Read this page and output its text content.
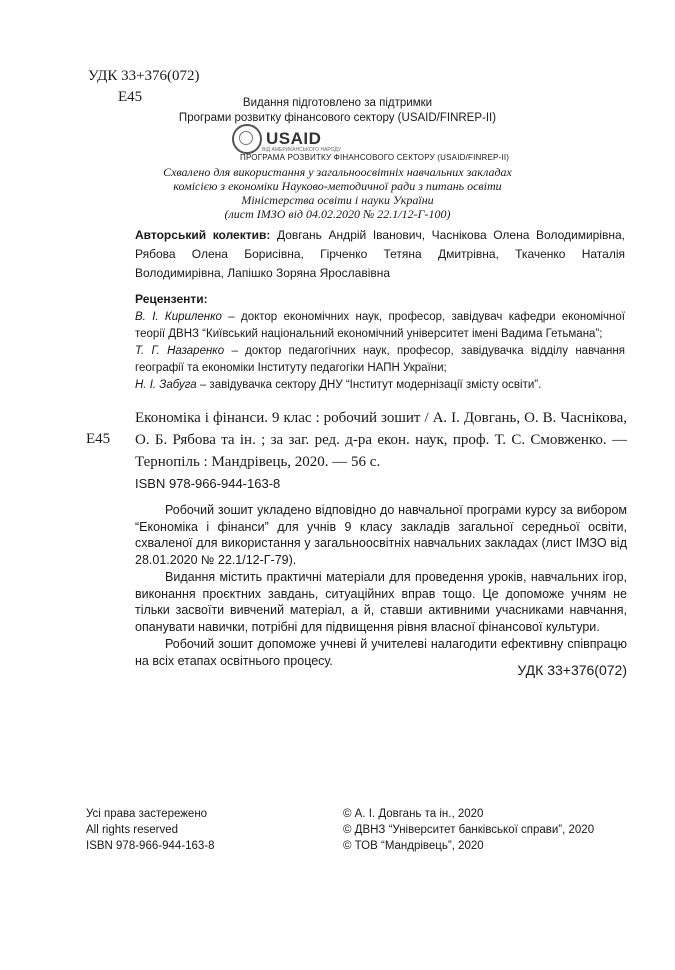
УДК 33+376(072)
Е45	Видання підготовлено за підтримки
Програми розвитку фінансового сектору (USAID/FINREP-II)
USAID
ВІД АМЕРИКАНСЬКОГО НАРОДУ
ПРОГРАМА РОЗВИТКУ ФІНАНСОВОГО СЕКТОРУ (USAID/FINREP-II)
Схвалено для використання у загальноосвітніх навчальних закладах
комісією з економіки Науково-методичної ради з питань освіти
Міністерства освіти і науки України
(лист ІМЗО від 04.02.2020 № 22.1/12-Г-100)
Авторський колектив: Довгань Андрій Іванович, Часнікова Олена Володимирівна, Рябова Олена Борисівна, Гірченко Тетяна Дмитрівна, Ткаченко Наталія Володимирівна, Лапішко Зоряна Ярославівна
Рецензенти:

В. І. Кириленко – доктор економічних наук, професор, завідувач кафедри економічної теорії ДВНЗ “Київський національний економічний університет імені Вадима Гетьмана”;

Т. Г. Назаренко – доктор педагогічних наук, професор, завідувачка відділу навчання географії та економіки Інституту педагогіки НАПН України;

Н. І. Забуга – завідувачка сектору ДНУ “Інститут модернізації змісту освіти”.

Е45

Економіка і фінанси. 9 клас : робочий зошит / А. І. Довгань, О. В. Часнікова, О. Б. Рябова та ін. ; за заг. ред. д-ра екон. наук, проф. Т. С. Смовженко. — Тернопіль : Мандрівець, 2020. — 56 с.

ISBN 978-966-944-163-8

Робочий зошит укладено відповідно до навчальної програми курсу за вибором “Економіка і фінанси” для учнів 9 класу закладів загальної середньої освіти, схваленої для використання у загальноосвітніх навчальних закладах (лист ІМЗО від 28.01.2020 № 22.1/12-Г-79).

Видання містить практичні матеріали для проведення уроків, навчальних ігор, виконання проєктних завдань, ситуаційних вправ тощо. Це допоможе учням не тільки засвоїти вивчений матеріал, а й, ставши активними учасниками навчання, опанувати навички, потрібні для підвищення рівня власної фінансової культури.

Робочий зошит допоможе учневі й учителеві налагодити ефективну співпрацю на всіх етапах освітнього процесу.

УДК 33+376(072)
Усі права застережено
All rights reserved
ISBN 978-966-944-163-8
© А. І. Довгань та ін., 2020
© ДВНЗ “Університет банківської справи”, 2020
© ТОВ “Мандрівець”, 2020
